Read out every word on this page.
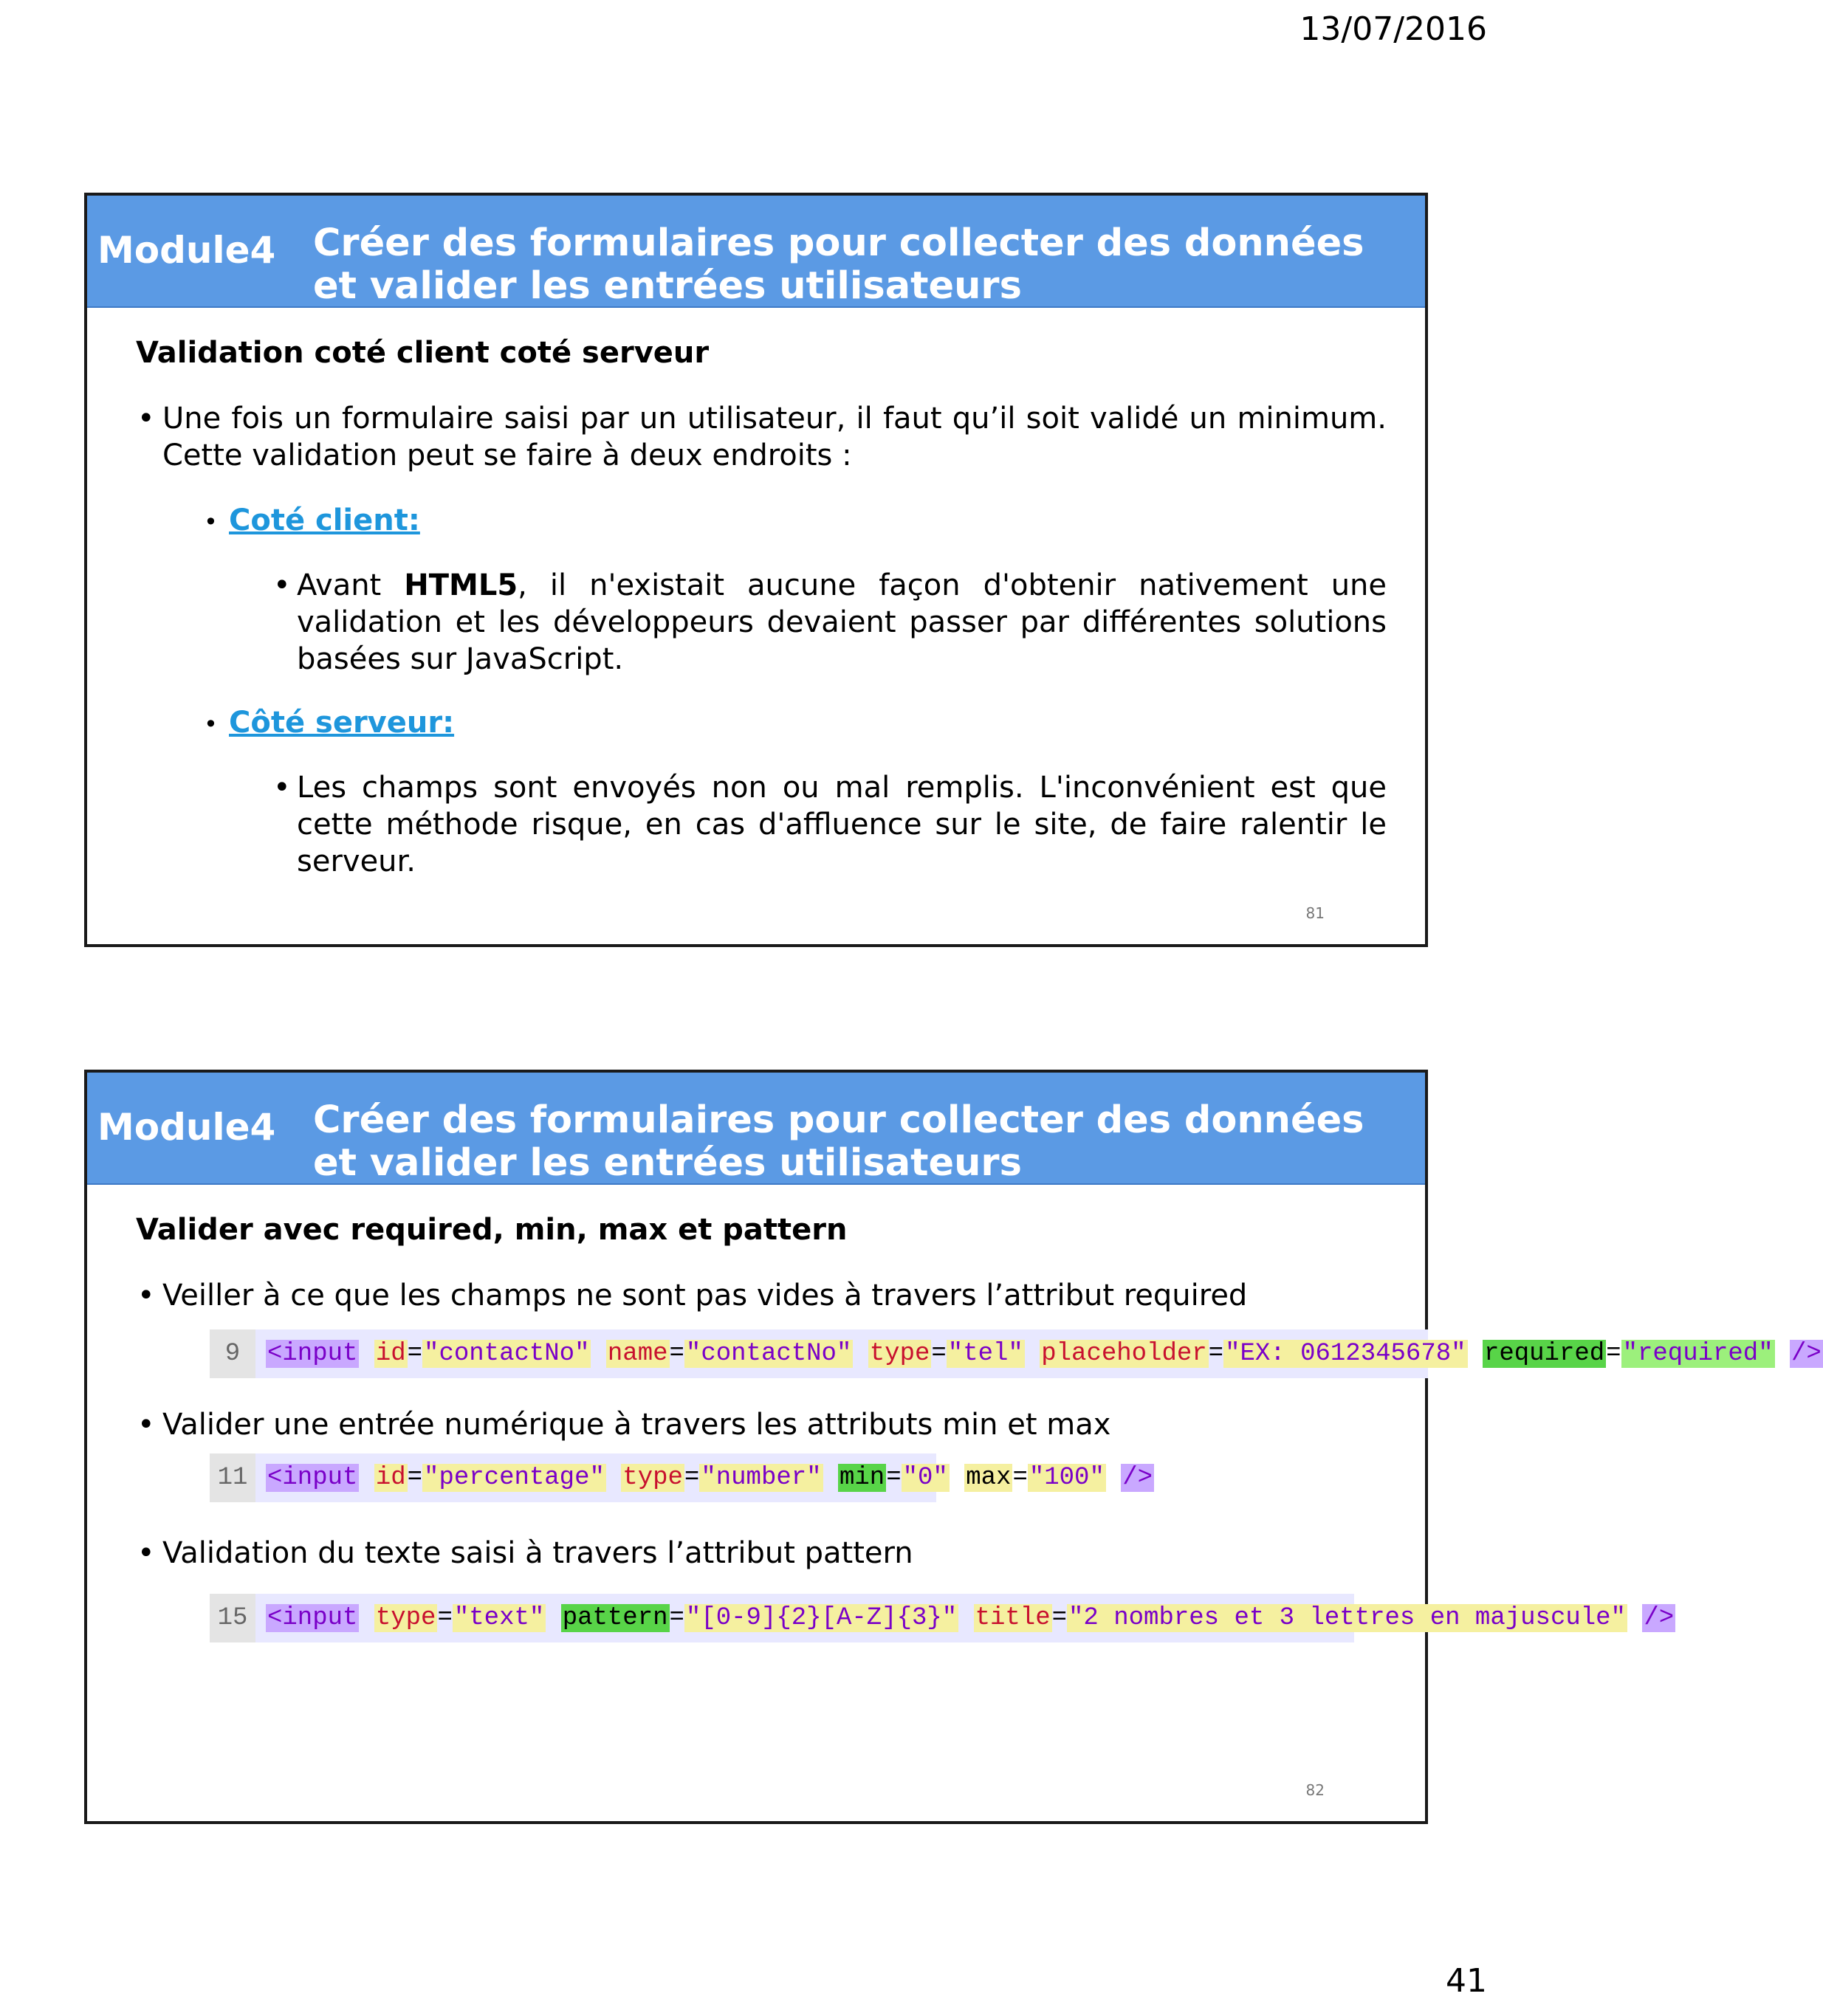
13/07/2016
Module4 Créer des formulaires pour collecter des données et valider les entrées utilisateurs
Validation coté client coté serveur
• Une fois un formulaire saisi par un utilisateur, il faut qu’il soit validé un minimum. Cette validation peut se faire à deux endroits :
• Coté client:
• Avant HTML5, il n'existait aucune façon d'obtenir nativement une validation et les développeurs devaient passer par différentes solutions basées sur JavaScript.
• Côté serveur:
• Les champs sont envoyés non ou mal remplis. L'inconvénient est que cette méthode risque, en cas d'affluence sur le site, de faire ralentir le serveur.
81
Module4 Créer des formulaires pour collecter des données et valider les entrées utilisateurs
Valider avec required, min, max et pattern
• Veiller à ce que les champs ne sont pas vides à travers l’attribut required
9 <input id="contactNo" name="contactNo" type="tel" placeholder="EX: 0612345678" required="required" />
• Valider une entrée numérique à travers les attributs min et max
11 <input id="percentage" type="number" min="0" max="100" />
• Validation du texte saisi à travers l’attribut pattern
15 <input type="text" pattern="[0-9]{2}[A-Z]{3}" title="2 nombres et 3 lettres en majuscule" />
82
41
